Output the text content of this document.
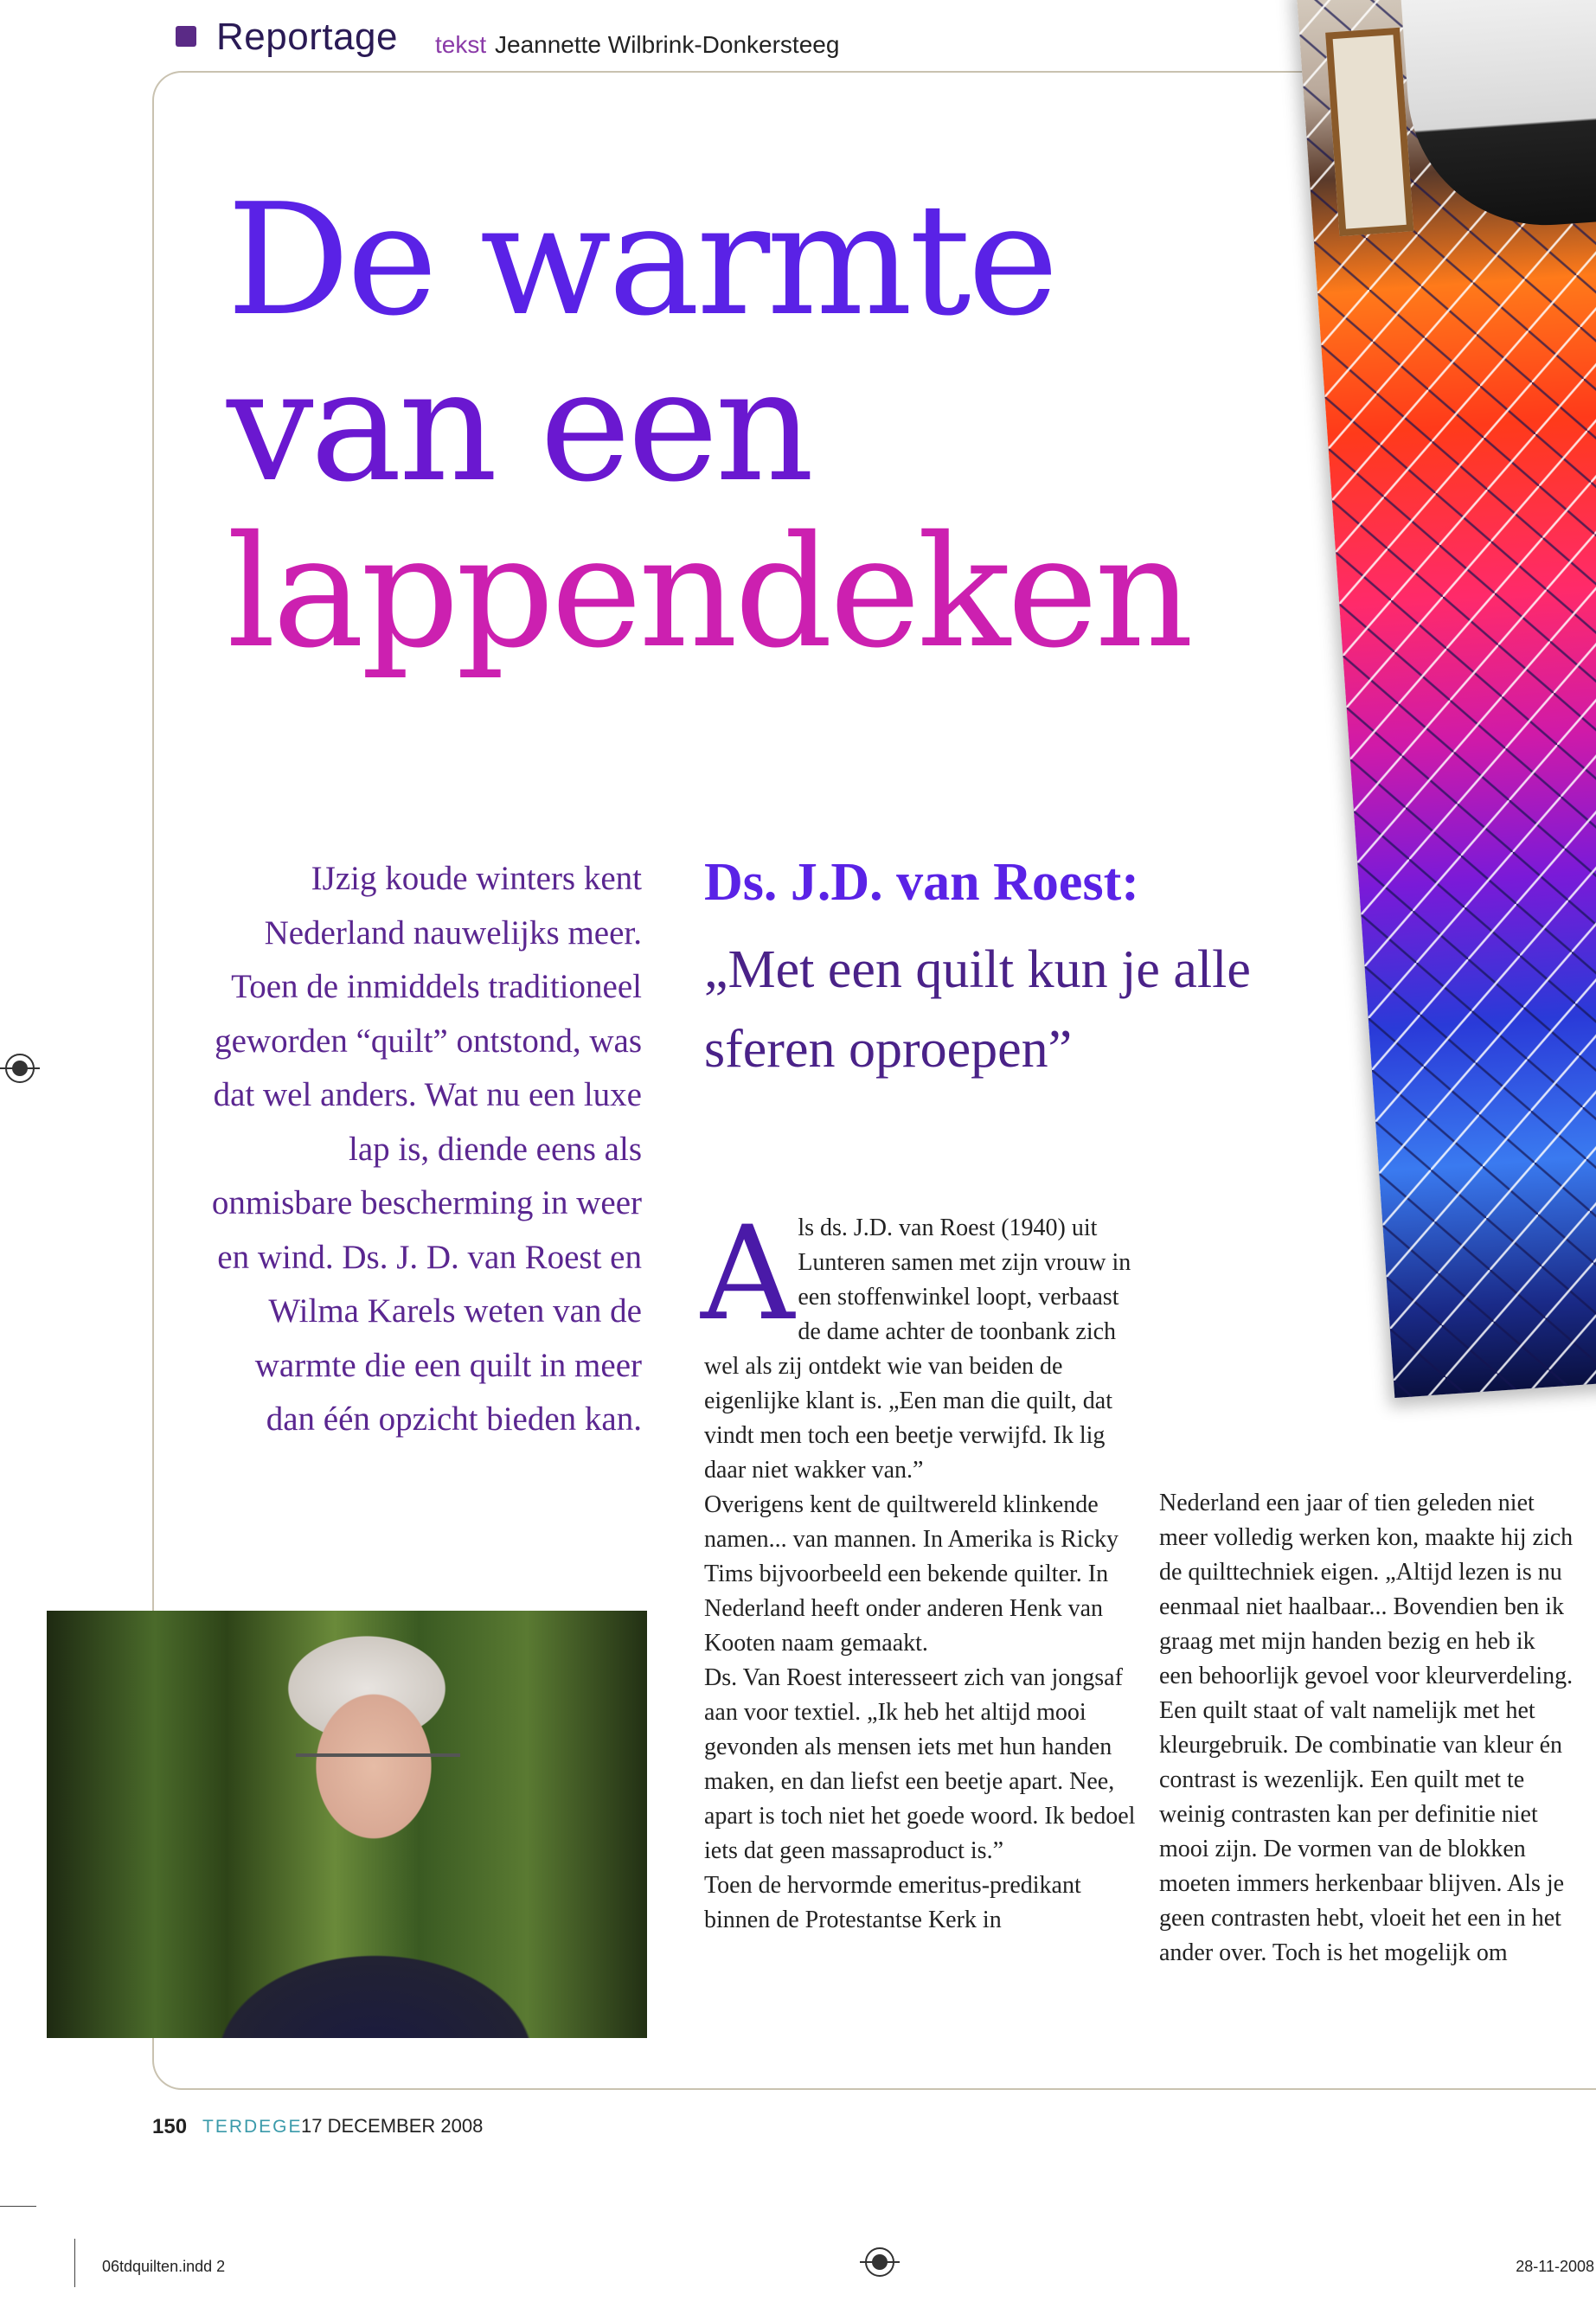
Reportage tekst Jeannette Wilbrink-Donkersteeg
De warmte
van een
lappendeken
IJzig koude winters kent Nederland nauwelijks meer. Toen de inmiddels traditioneel geworden “quilt” ontstond, was dat wel anders. Wat nu een luxe lap is, diende eens als onmisbare bescherming in weer en wind. Ds. J. D. van Roest en Wilma Karels weten van de warmte die een quilt in meer dan één opzicht bieden kan.
Ds. J.D. van Roest:
„Met een quilt kun je alle sferen oproepen”
A ls ds. J.D. van Roest (1940) uit Lunteren samen met zijn vrouw in een stoffenwinkel loopt, verbaast de dame achter de toonbank zich wel als zij ontdekt wie van beiden de eigenlijke klant is. „Een man die quilt, dat vindt men toch een beetje verwijfd. Ik lig daar niet wakker van.”

Overigens kent de quiltwereld klinkende namen... van mannen. In Amerika is Ricky Tims bijvoorbeeld een bekende quilter. In Nederland heeft onder anderen Henk van Kooten naam gemaakt.

Ds. Van Roest interesseert zich van jongsaf aan voor textiel. „Ik heb het altijd mooi gevonden als mensen iets met hun handen maken, en dan liefst een beetje apart. Nee, apart is toch niet het goede woord. Ik bedoel iets dat geen massaproduct is.”

Toen de hervormde emeritus-predikant binnen de Protestantse Kerk in

Nederland een jaar of tien geleden niet meer volledig werken kon, maakte hij zich de quilttechniek eigen. „Altijd lezen is nu eenmaal niet haalbaar... Bovendien ben ik graag met mijn handen bezig en heb ik een behoorlijk gevoel voor kleurverdeling. Een quilt staat of valt namelijk met het kleurgebruik. De combinatie van kleur én contrast is wezenlijk. Een quilt met te weinig contrasten kan per definitie niet mooi zijn. De vormen van de blokken moeten immers herkenbaar blijven. Als je geen contrasten hebt, vloeit het een in het ander over. Toch is het mogelijk om

150 TERDEGE
17 DECEMBER 2008
06tdquilten.indd 2	28-11-2008
